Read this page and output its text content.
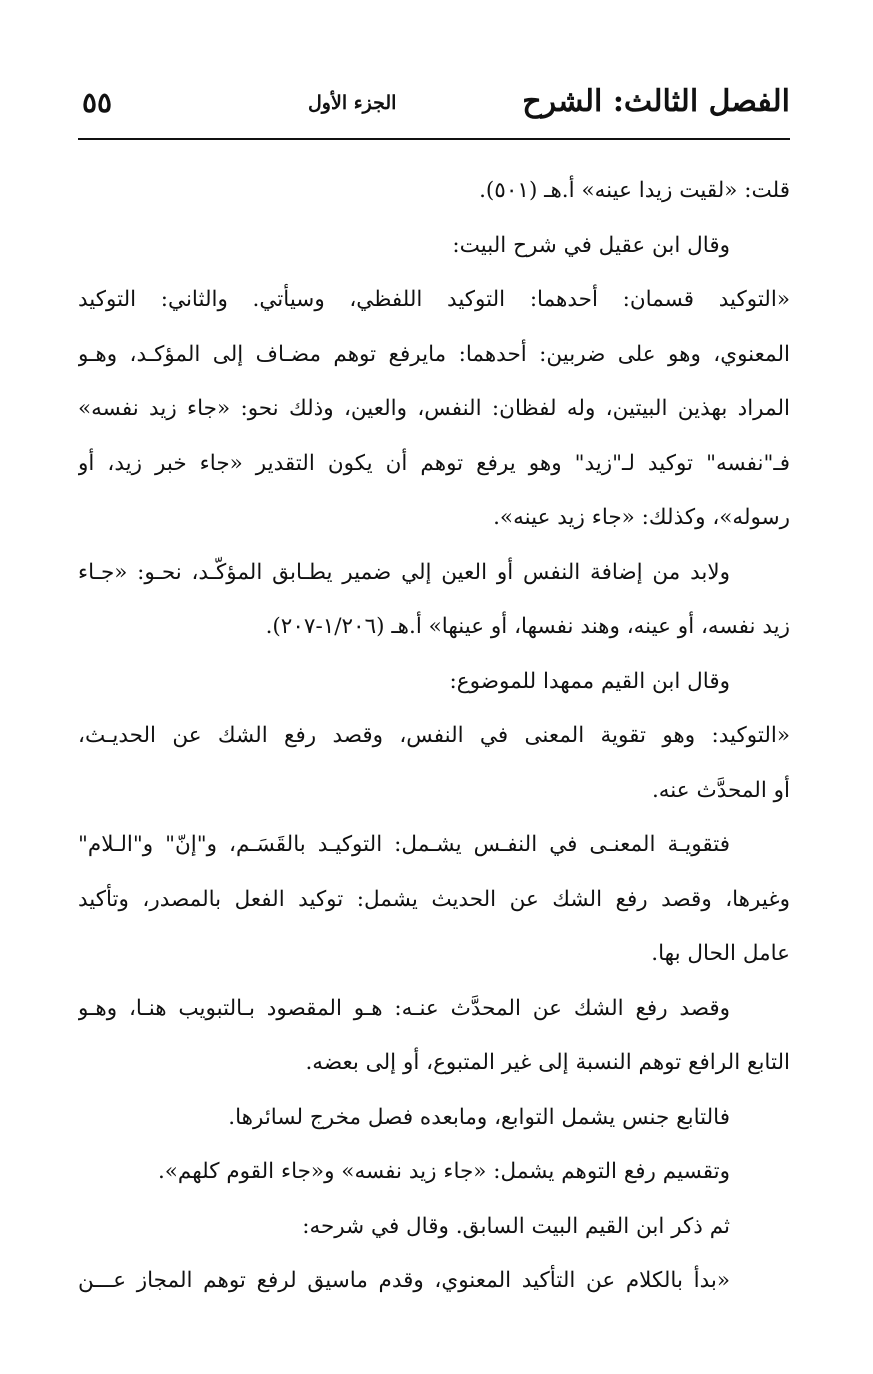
الفصل الثالث: الشرح
الجزء الأول
٥٥
قلت: «لقيت زيدا عينه» أ.هـ (٥٠١).
وقال ابن عقيل في شرح البيت:
«التوكيد قسمان: أحدهما: التوكيد اللفظي، وسيأتي. والثاني: التوكيد
المعنوي، وهو على ضربين: أحدهما: مايرفع توهم مضـاف إلى المؤكـد، وهـو
المراد بهذين البيتين، وله لفظان: النفس، والعين، وذلك نحو: «جاء زيد نفسه»
فـ"نفسه" توكيد لـ"زيد" وهو يرفع توهم أن يكون التقدير «جاء خبر زيد، أو
رسوله»، وكذلك: «جاء زيد عينه».
ولابد من إضافة النفس أو العين إلي ضمير يطـابق المؤكّـد، نحـو: «جـاء
زيد نفسه، أو عينه، وهند نفسها، أو عينها» أ.هـ (١/٢٠٦-٢٠٧).
وقال ابن القيم ممهدا للموضوع:
«التوكيد: وهو تقوية المعنى في النفس، وقصد رفع الشك عن الحديـث،
أو المحدَّث عنه.
فتقويـة المعنـى في النفـس يشـمل: التوكيـد بالقَسَـم، و"إنّ" و"الـلام"
وغيرها، وقصد رفع الشك عن الحديث يشمل: توكيد الفعل بالمصدر، وتأكيد
عامل الحال بها.
وقصد رفع الشك عن المحدَّث عنـه: هـو المقصود بـالتبويب هنـا، وهـو
التابع الرافع توهم النسبة إلى غير المتبوع، أو إلى بعضه.
فالتابع جنس يشمل التوابع، ومابعده فصل مخرج لسائرها.
وتقسيم رفع التوهم يشمل: «جاء زيد نفسه» و«جاء القوم كلهم».
ثم ذكر ابن القيم البيت السابق. وقال في شرحه:
«بدأ بالكلام عن التأكيد المعنوي، وقدم ماسيق لرفع توهم المجاز عـــن
